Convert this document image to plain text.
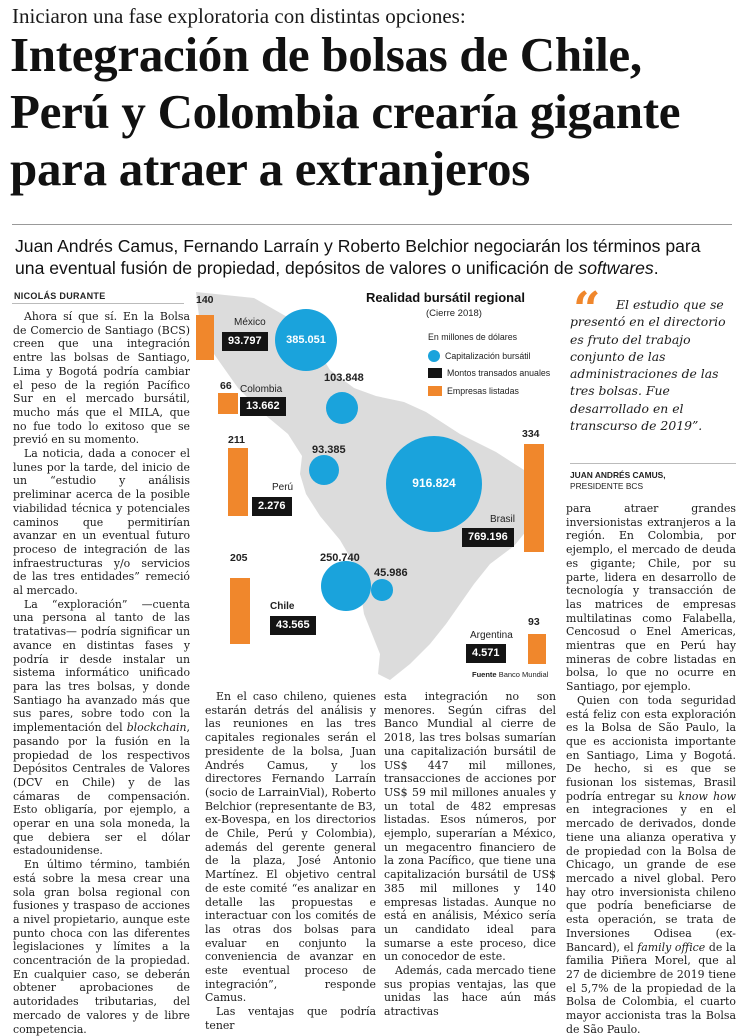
Iniciaron una fase exploratoria con distintas opciones:
Integración de bolsas de Chile,
Perú y Colombia crearía gigante
para atraer a extranjeros
Juan Andrés Camus, Fernando Larraín y Roberto Belchior negociarán los términos para
una eventual fusión de propiedad, depósitos de valores o unificación de softwares.
NICOLÁS DURANTE

Ahora sí que sí. En la Bolsa de Comercio de Santiago (BCS) creen que una integración entre las bolsas de Santiago, Lima y Bogotá podría cambiar el peso de la región Pacífico Sur en el mercado bursátil, mucho más que el MILA, que no fue todo lo exitoso que se previó en su momento.

La noticia, dada a conocer el lunes por la tarde, del inicio de un “estudio y análisis preliminar acerca de la posible viabilidad técnica y potenciales caminos que permitirían avanzar en un eventual futuro proceso de integración de las infraestructuras y/o servicios de las tres entidades” remeció al mercado.

La “exploración” —cuenta una persona al tanto de las tratativas— podría significar un avance en distintas fases y podría ir desde instalar un sistema informático unificado para las tres bolsas, y donde Santiago ha avanzado más que sus pares, sobre todo con la implementación del blockchain, pasando por la fusión en la propiedad de los respectivos Depósitos Centrales de Valores (DCV en Chile) y de las cámaras de compensación. Esto obligaría, por ejemplo, a operar en una sola moneda, la que debiera ser el dólar estadounidense.

En último término, también está sobre la mesa crear una sola gran bolsa regional con fusiones y traspaso de acciones a nivel propietario, aunque este punto choca con las diferentes legislaciones y límites a la concentración de la propiedad. En cualquier caso, se deberán obtener aprobaciones de autoridades tributarias, del mercado de valores y de libre competencia.

Realidad bursátil regional
(Cierre 2018)
En millones de dólares
Capitalización bursátil
Montos transados anuales
Empresas listadas
140
México
93.797	385.051
66 Colombia
13.662
103.848
211
Perú
2.276
93.385
916.824
334
Brasil
769.196
205
Chile
43.565
250.740
45.986
93
Argentina
4.571
Fuente Banco Mundial
“	El estudio que se presentó en el directorio es fruto del trabajo conjunto de las administraciones de las tres bolsas. Fue desarrollado en el transcurso de 2019”.
JUAN ANDRÉS CAMUS,
PRESIDENTE BCS

En el caso chileno, quienes estarán detrás del análisis y las reuniones en las tres capitales regionales serán el presidente de la bolsa, Juan Andrés Camus, y los directores Fernando Larraín (socio de LarrainVial), Roberto Belchior (representante de B3, ex-Bovespa, en los directorios de Chile, Perú y Colombia), además del gerente general de la plaza, José Antonio Martínez. El objetivo central de este comité “es analizar en detalle las propuestas e interactuar con los comités de las otras dos bolsas para evaluar en conjunto la conveniencia de avanzar en este eventual proceso de integración”, responde Camus.

Las ventajas que podría tener

esta integración no son menores. Según cifras del Banco Mundial al cierre de 2018, las tres bolsas sumarían una capitalización bursátil de US$ 447 mil millones, transacciones de acciones por US$ 59 mil millones anuales y un total de 482 empresas listadas. Esos números, por ejemplo, superarían a México, un megacentro financiero de la zona Pacífico, que tiene una capitalización bursátil de US$ 385 mil millones y 140 empresas listadas. Aunque no está en análisis, México sería un candidato ideal para sumarse a este proceso, dice un conocedor de este.

Además, cada mercado tiene sus propias ventajas, las que unidas las hace aún más atractivas

para atraer grandes inversionistas extranjeros a la región. En Colombia, por ejemplo, el mercado de deuda es gigante; Chile, por su parte, lidera en desarrollo de tecnología y transacción de las matrices de empresas multilatinas como Falabella, Cencosud o Enel Americas, mientras que en Perú hay mineras de cobre listadas en bolsa, lo que no ocurre en Santiago, por ejemplo.

Quien con toda seguridad está feliz con esta exploración es la Bolsa de São Paulo, la que es accionista importante en Santiago, Lima y Bogotá. De hecho, si es que se fusionan los sistemas, Brasil podría entregar su know how en integraciones y en el mercado de derivados, donde tiene una alianza operativa y de propiedad con la Bolsa de Chicago, un grande de ese mercado a nivel global. Pero hay otro inversionista chileno que podría beneficiarse de esta operación, se trata de Inversiones Odisea (ex-Bancard), el family office de la familia Piñera Morel, que al 27 de diciembre de 2019 tiene el 5,7% de la propiedad de la Bolsa de Colombia, el cuarto mayor accionista tras la Bolsa de São Paulo.
